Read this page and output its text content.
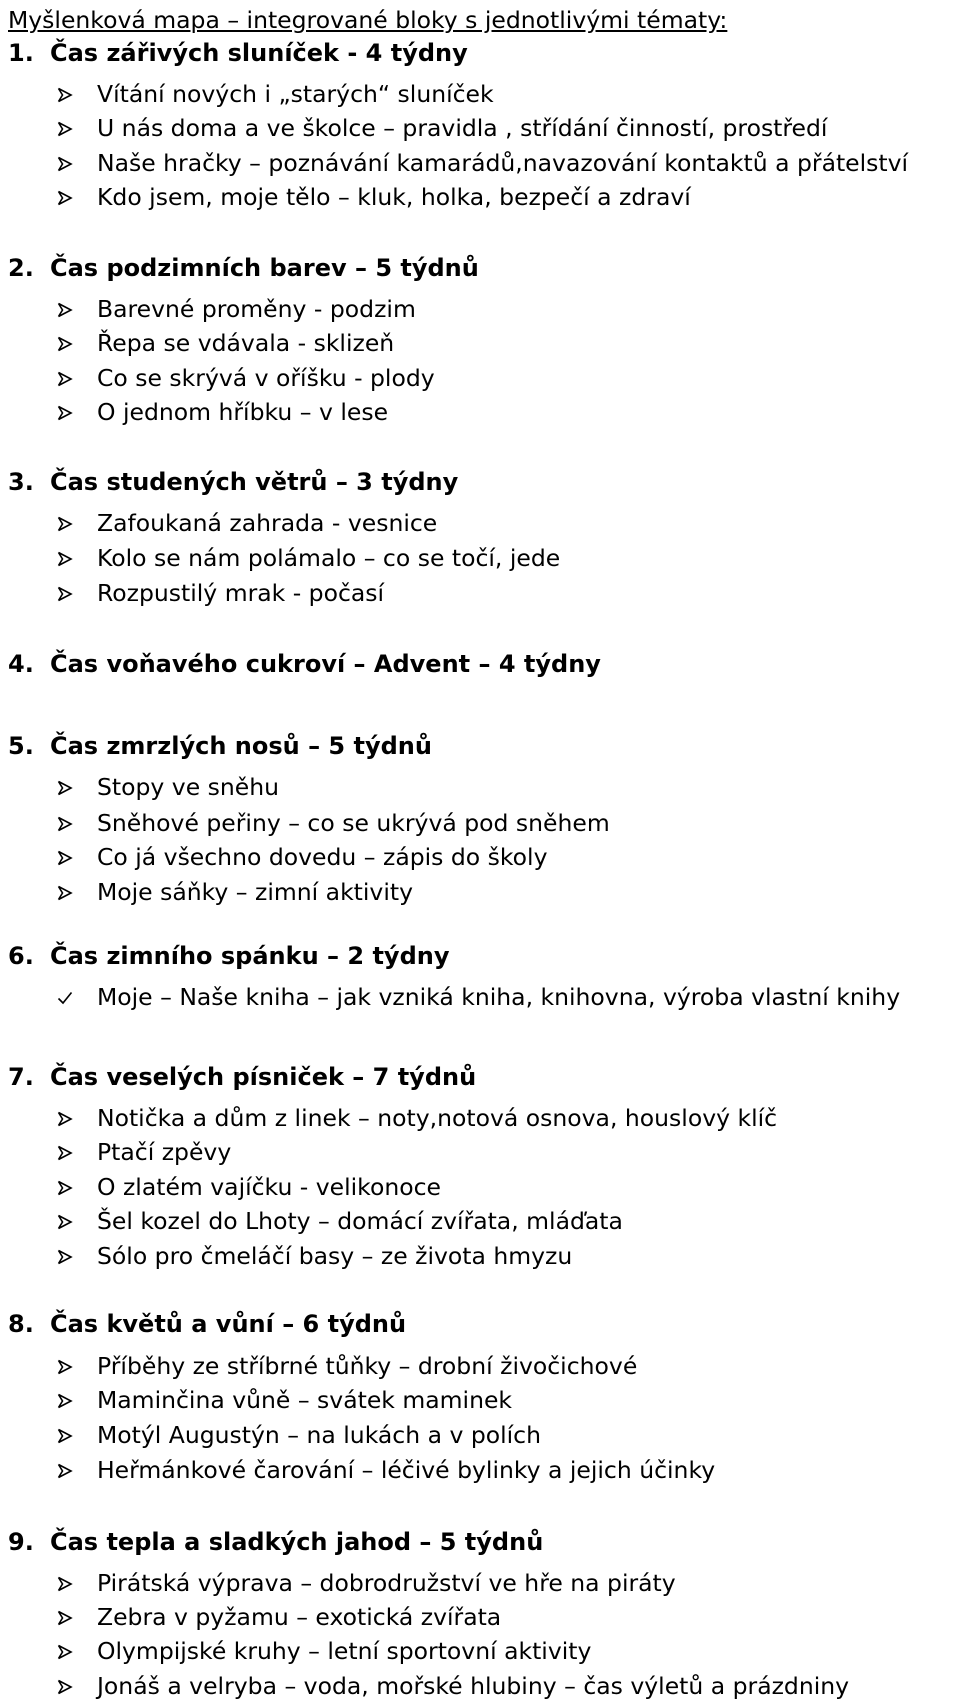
Myšlenková mapa – integrované bloky s jednotlivými tématy:
1. Čas zářivých sluníček - 4 týdny
Vítání nových i „starých“ sluníček
U nás doma a ve školce – pravidla , střídání činností, prostředí
Naše hračky – poznávání kamarádů,navazování kontaktů a přátelství
Kdo jsem, moje tělo – kluk, holka, bezpečí a zdraví
2. Čas podzimních barev – 5 týdnů
Barevné proměny - podzim
Řepa se vdávala - sklizeň
Co se skrývá v oříšku - plody
O jednom hříbku – v lese
3. Čas studených větrů – 3 týdny
Zafoukaná zahrada - vesnice
Kolo se nám polámalo – co se točí, jede
Rozpustilý mrak - počasí
4. Čas voňavého cukroví – Advent – 4 týdny
5. Čas zmrzlých nosů – 5 týdnů
Stopy ve sněhu
Sněhové peřiny – co se ukrývá pod sněhem
Co já všechno dovedu – zápis do školy
Moje sáňky – zimní aktivity
6. Čas zimního spánku – 2 týdny
Moje – Naše kniha – jak vzniká kniha, knihovna, výroba vlastní knihy
7. Čas veselých písniček – 7 týdnů
Notička a dům z linek – noty,notová osnova, houslový klíč
Ptačí zpěvy
O zlatém vajíčku - velikonoce
Šel kozel do Lhoty – domácí zvířata, mláďata
Sólo pro čmeláčí basy – ze života hmyzu
8. Čas květů a vůní – 6 týdnů
Příběhy ze stříbrné tůňky – drobní živočichové
Maminčina vůně – svátek maminek
Motýl Augustýn – na lukách a v polích
Heřmánkové čarování – léčivé bylinky a jejich účinky
9. Čas tepla a sladkých jahod – 5 týdnů
Pirátská výprava – dobrodružství ve hře na piráty
Zebra v pyžamu – exotická zvířata
Olympijské kruhy – letní sportovní aktivity
Jonáš a velryba – voda, mořské hlubiny – čas výletů a prázdniny
